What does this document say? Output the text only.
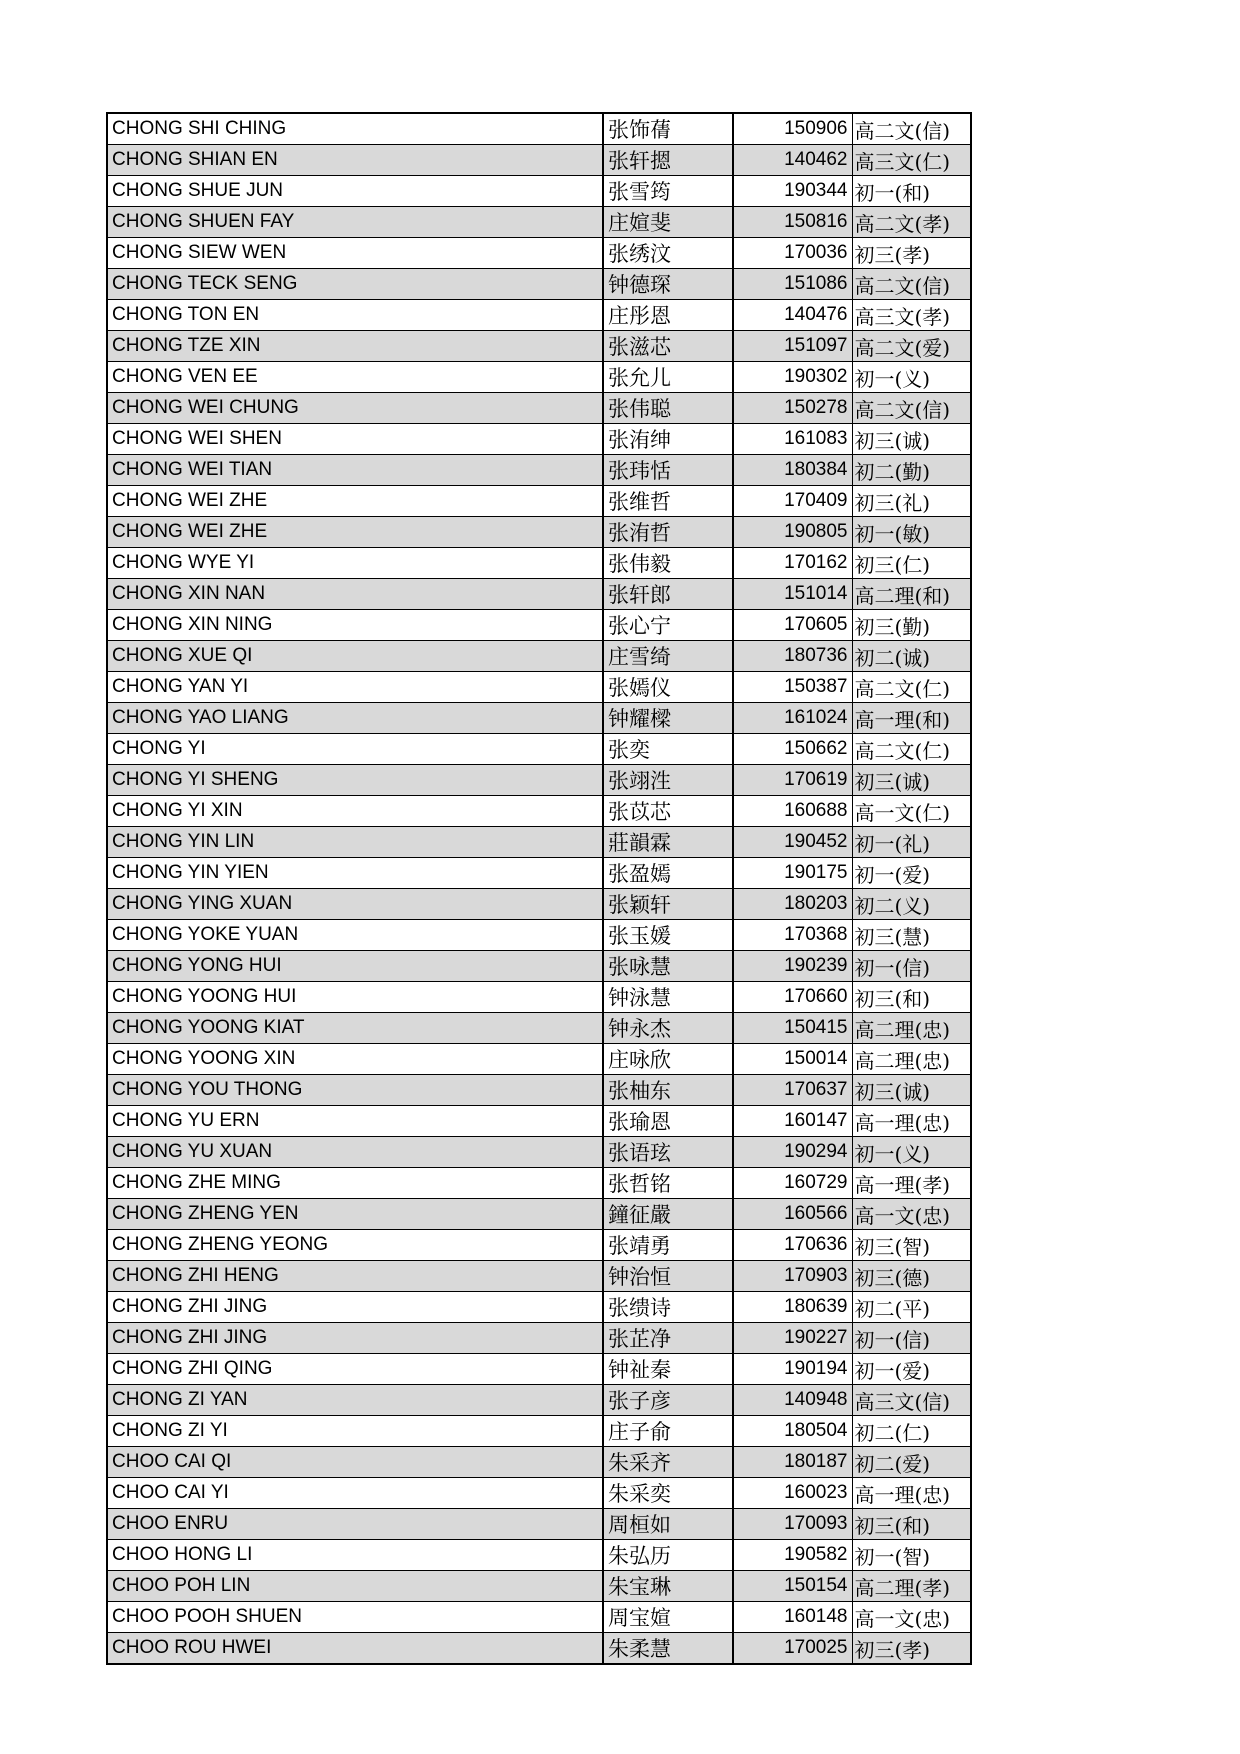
CHONG SHI CHING	张饰蒨	150906	高二文(信)
CHONG SHIAN EN	张轩摁	140462	高三文(仁)
CHONG SHUE JUN	张雪筠	190344	初一(和)
CHONG SHUEN FAY	庄媗斐	150816	高二文(孝)
CHONG SIEW WEN	张绣汶	170036	初三(孝)
CHONG TECK SENG	钟德琛	151086	高二文(信)
CHONG TON EN	庄彤恩	140476	高三文(孝)
CHONG TZE XIN	张滋芯	151097	高二文(爱)
CHONG VEN EE	张允儿	190302	初一(义)
CHONG WEI CHUNG	张伟聪	150278	高二文(信)
CHONG WEI SHEN	张洧绅	161083	初三(诚)
CHONG WEI TIAN	张玮恬	180384	初二(勤)
CHONG WEI ZHE	张维哲	170409	初三(礼)
CHONG WEI ZHE	张洧哲	190805	初一(敏)
CHONG WYE YI	张伟毅	170162	初三(仁)
CHONG XIN NAN	张轩郎	151014	高二理(和)
CHONG XIN NING	张心宁	170605	初三(勤)
CHONG XUE QI	庄雪绮	180736	初二(诚)
CHONG YAN YI	张嫣仪	150387	高二文(仁)
CHONG YAO LIANG	钟耀樑	161024	高一理(和)
CHONG YI	张奕	150662	高二文(仁)
CHONG YI SHENG	张翊泩	170619	初三(诚)
CHONG YI XIN	张苡芯	160688	高一文(仁)
CHONG YIN LIN	莊韻霖	190452	初一(礼)
CHONG YIN YIEN	张盈嫣	190175	初一(爱)
CHONG YING XUAN	张颖轩	180203	初二(义)
CHONG YOKE YUAN	张玉媛	170368	初三(慧)
CHONG YONG HUI	张咏慧	190239	初一(信)
CHONG YOONG HUI	钟泳慧	170660	初三(和)
CHONG YOONG KIAT	钟永杰	150415	高二理(忠)
CHONG YOONG XIN	庄咏欣	150014	高二理(忠)
CHONG YOU THONG	张柚东	170637	初三(诚)
CHONG YU ERN	张瑜恩	160147	高一理(忠)
CHONG YU XUAN	张语玹	190294	初一(义)
CHONG ZHE MING	张哲铭	160729	高一理(孝)
CHONG ZHENG YEN	鐘征嚴	160566	高一文(忠)
CHONG ZHENG YEONG	张靖勇	170636	初三(智)
CHONG ZHI HENG	钟治恒	170903	初三(德)
CHONG ZHI JING	张缋诗	180639	初二(平)
CHONG ZHI JING	张芷净	190227	初一(信)
CHONG ZHI QING	钟祉秦	190194	初一(爱)
CHONG ZI YAN	张子彦	140948	高三文(信)
CHONG ZI YI	庄子俞	180504	初二(仁)
CHOO CAI QI	朱采齐	180187	初二(爱)
CHOO CAI YI	朱采奕	160023	高一理(忠)
CHOO ENRU	周桓如	170093	初三(和)
CHOO HONG LI	朱弘历	190582	初一(智)
CHOO POH LIN	朱宝琳	150154	高二理(孝)
CHOO POOH SHUEN	周宝媗	160148	高一文(忠)
CHOO ROU HWEI	朱柔慧	170025	初三(孝)
